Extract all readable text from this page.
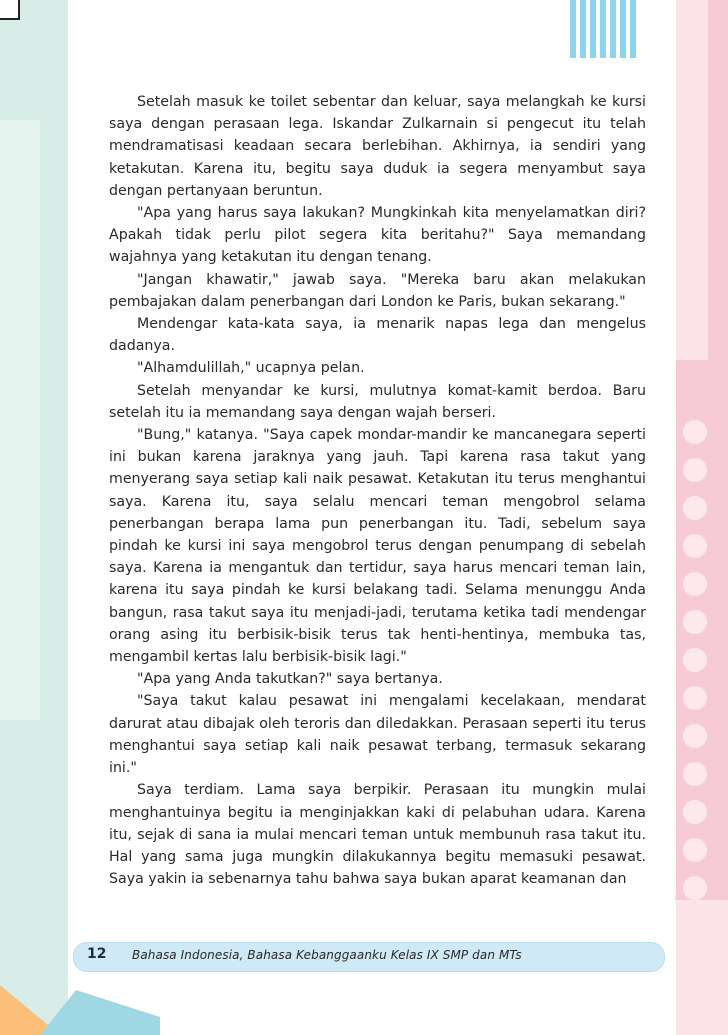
Setelah masuk ke toilet sebentar dan keluar, saya melangkah ke kursi saya dengan perasaan lega. Iskandar Zulkarnain si pengecut itu telah mendramatisasi keadaan secara berlebihan. Akhirnya, ia sendiri yang ketakutan. Karena itu, begitu saya duduk ia segera menyambut saya dengan pertanyaan beruntun.

"Apa yang harus saya lakukan? Mungkinkah kita menyelamatkan diri? Apakah tidak perlu pilot segera kita beritahu?" Saya memandang wajahnya yang ketakutan itu dengan tenang.

"Jangan khawatir," jawab saya. "Mereka baru akan melakukan pembajakan dalam penerbangan dari London ke Paris, bukan sekarang."

Mendengar kata-kata saya, ia menarik napas lega dan mengelus dadanya.

"Alhamdulillah," ucapnya pelan.

Setelah menyandar ke kursi, mulutnya komat-kamit berdoa. Baru setelah itu ia memandang saya dengan wajah berseri.

"Bung," katanya. "Saya capek mondar-mandir ke mancanegara seperti ini bukan karena jaraknya yang jauh. Tapi karena rasa takut yang menyerang saya setiap kali naik pesawat. Ketakutan itu terus menghantui saya. Karena itu, saya selalu mencari teman mengobrol selama penerbangan berapa lama pun penerbangan itu. Tadi, sebelum saya pindah ke kursi ini saya mengobrol terus dengan penumpang di sebelah saya. Karena ia mengantuk dan tertidur, saya harus mencari teman lain, karena itu saya pindah ke kursi belakang tadi. Selama menunggu Anda bangun, rasa takut saya itu menjadi-jadi, terutama ketika tadi mendengar orang asing itu berbisik-bisik terus tak henti-hentinya, membuka tas, mengambil kertas lalu berbisik-bisik lagi."

"Apa yang Anda takutkan?" saya bertanya.

"Saya takut kalau pesawat ini mengalami kecelakaan, mendarat darurat atau dibajak oleh teroris dan diledakkan. Perasaan seperti itu terus menghantui saya setiap kali naik pesawat terbang, termasuk sekarang ini."

Saya terdiam. Lama saya berpikir. Perasaan itu mungkin mulai menghantuinya begitu ia menginjakkan kaki di pelabuhan udara. Karena itu, sejak di sana ia mulai mencari teman untuk membunuh rasa takut itu. Hal yang sama juga mungkin dilakukannya begitu memasuki pesawat. Saya yakin ia sebenarnya tahu bahwa saya bukan aparat keamanan dan

12 Bahasa Indonesia, Bahasa Kebanggaanku Kelas IX SMP dan MTs
